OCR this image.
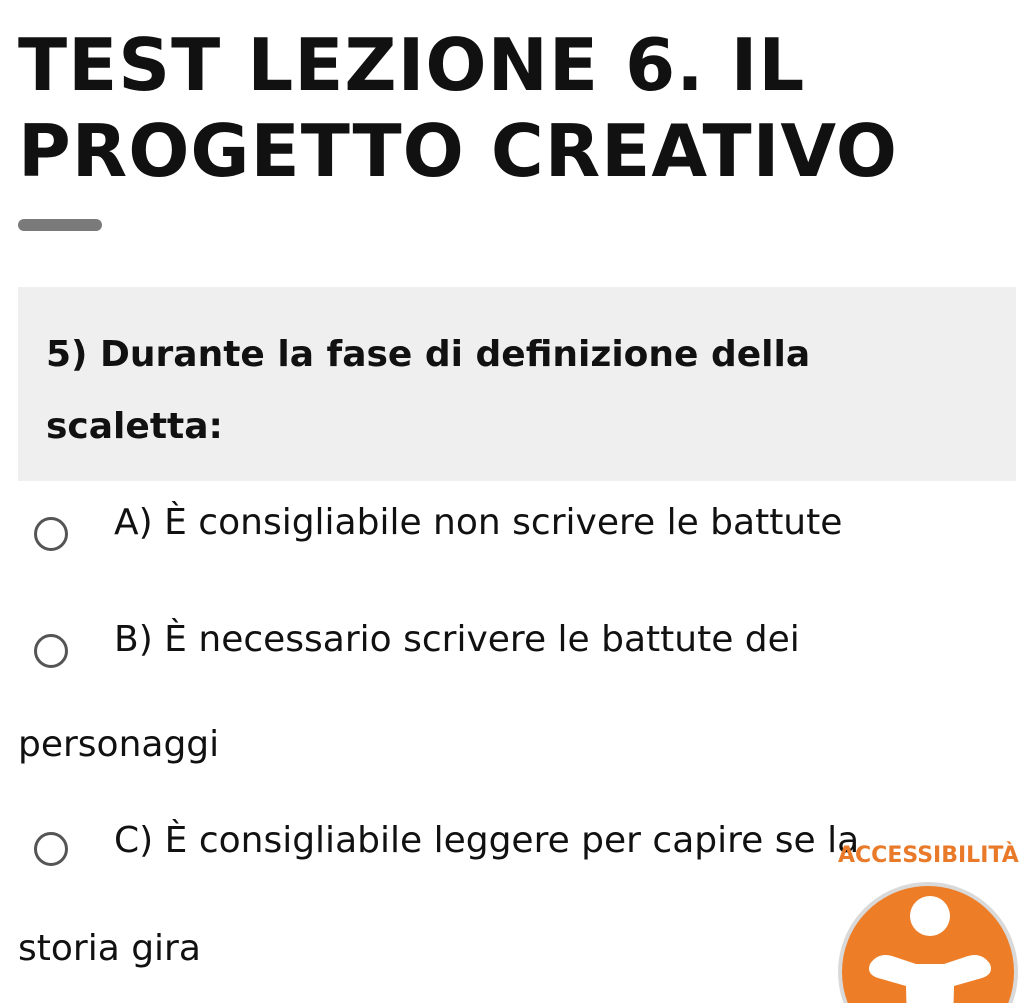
TEST LEZIONE 6. IL PROGETTO CREATIVO

5) Durante la fase di definizione della scaletta:

A) È consigliabile non scrivere le battute

B) È necessario scrivere le battute dei personaggi

C) È consigliabile leggere per capire se la storia gira

ACCESSIBILITÀ
